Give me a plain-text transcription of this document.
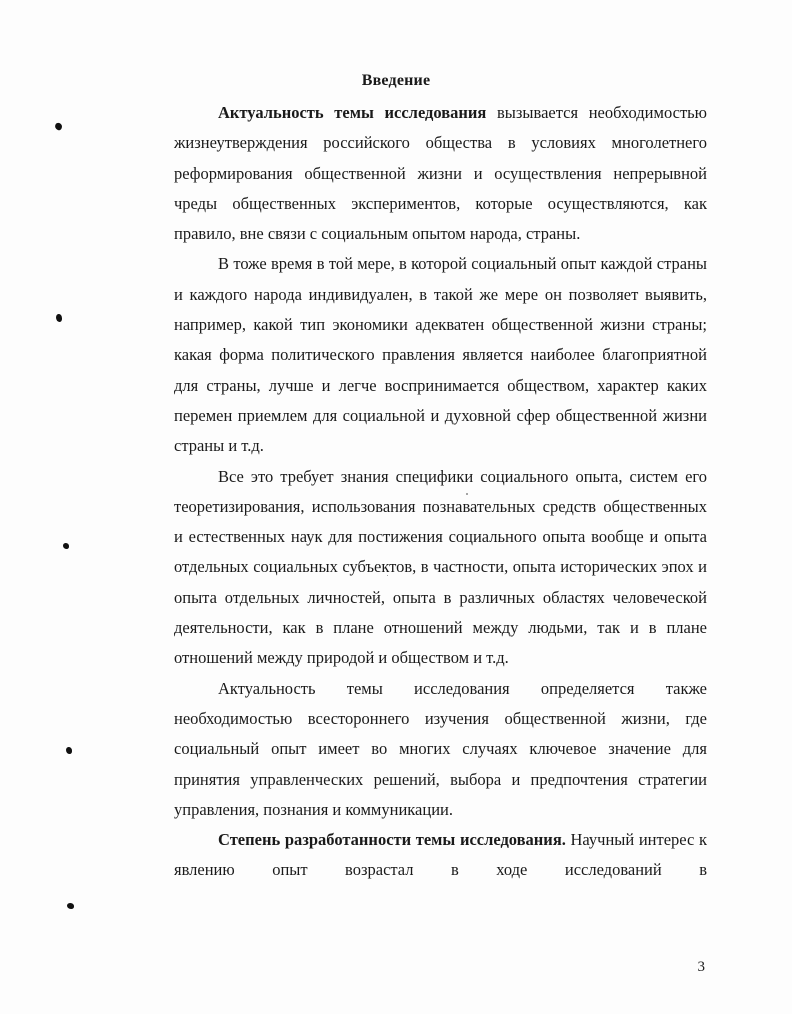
Введение

Актуальность темы исследования вызывается необходимостью жизнеутверждения российского общества в условиях многолетнего реформирования общественной жизни и осуществления непрерывной чреды общественных экспериментов, которые осуществляются, как правило, вне связи с социальным опытом народа, страны.

В тоже время в той мере, в которой социальный опыт каждой страны и каждого народа индивидуален, в такой же мере он позволяет выявить, например, какой тип экономики адекватен общественной жизни страны; какая форма политического правления является наиболее благоприятной для страны, лучше и легче воспринимается обществом, характер каких перемен приемлем для социальной и духовной сфер общественной жизни страны и т.д.

Все это требует знания специфики социального опыта, систем его теоретизирования, использования познавательных средств общественных и естественных наук для постижения социального опыта вообще и опыта отдельных социальных субъектов, в частности, опыта исторических эпох и опыта отдельных личностей, опыта в различных областях человеческой деятельности, как в плане отношений между людьми, так и в плане отношений между природой и обществом и т.д.

Актуальность темы исследования определяется также необходимостью всестороннего изучения общественной жизни, где социальный опыт имеет во многих случаях ключевое значение для принятия управленческих решений, выбора и предпочтения стратегии управления, познания и коммуникации.

Степень разработанности темы исследования. Научный интерес к явлению опыт возрастал в ходе исследований в

3
